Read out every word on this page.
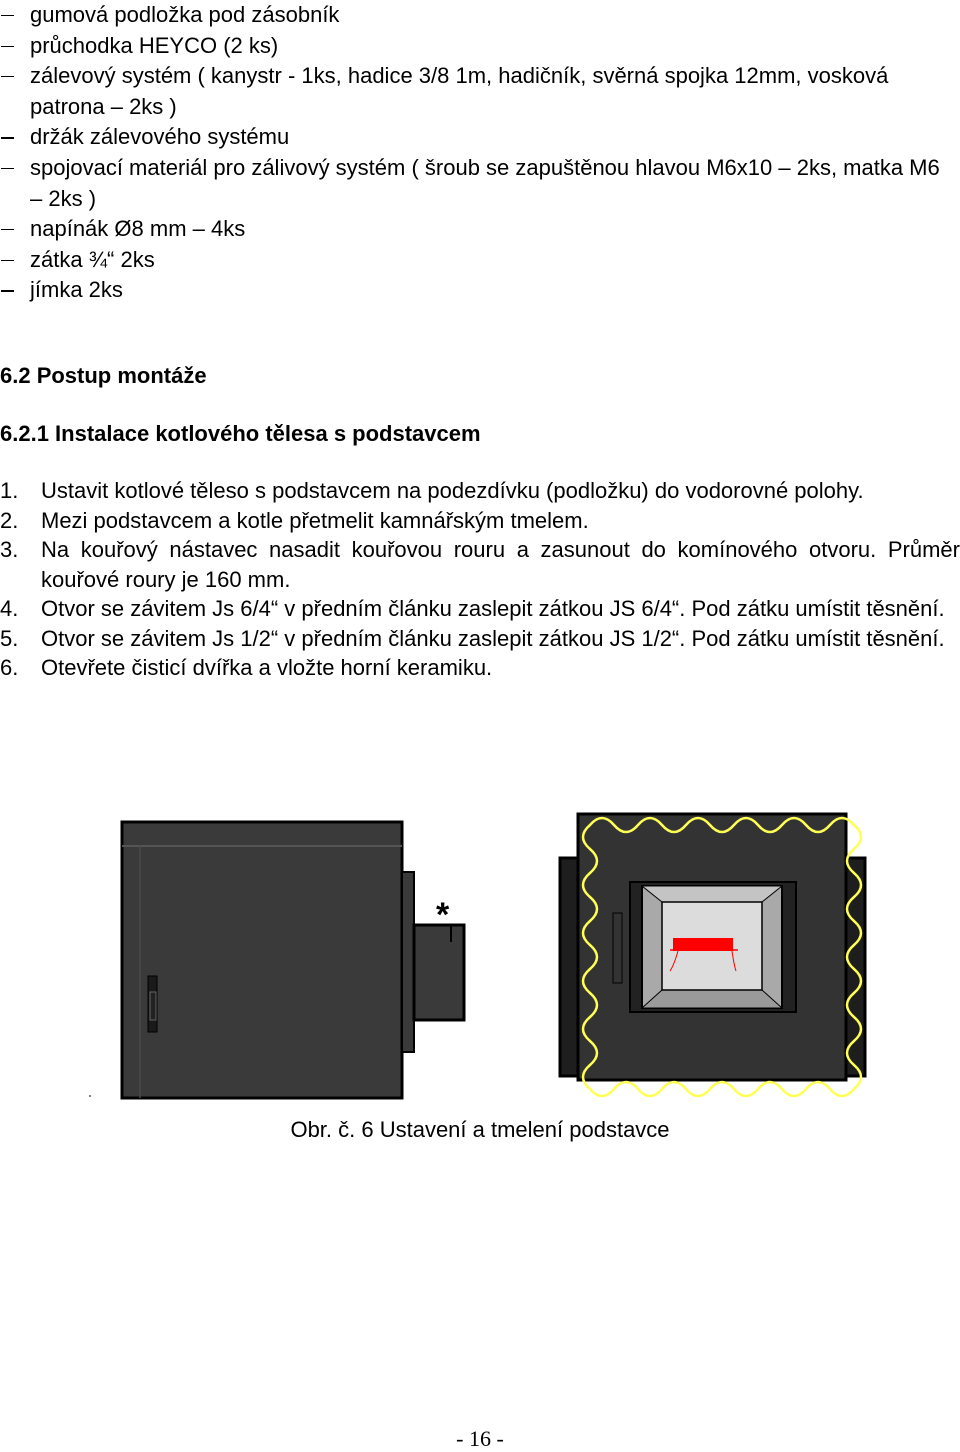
gumová podložka pod zásobník
průchodka HEYCO (2 ks)
zálevový systém ( kanystr - 1ks, hadice 3/8 1m, hadičník, svěrná spojka 12mm, vosková patrona – 2ks )
držák zálevového systému
spojovací materiál pro zálivový systém ( šroub se zapuštěnou hlavou M6x10 – 2ks, matka M6 – 2ks )
napínák Ø8 mm – 4ks
zátka ¾“ 2ks
jímka 2ks
6.2 Postup montáže
6.2.1 Instalace kotlového tělesa s podstavcem
1. Ustavit kotlové těleso s podstavcem na podezdívku (podložku) do vodorovné polohy.
2. Mezi podstavcem a kotle přetmelit kamnářským tmelem.
3. Na kouřový nástavec nasadit kouřovou rouru a zasunout do komínového otvoru. Průměr kouřové roury je 160 mm.
4. Otvor se závitem Js 6/4“ v předním článku zaslepit zátkou JS 6/4“. Pod zátku umístit těsnění.
5. Otvor se závitem Js 1/2“ v předním článku zaslepit zátkou JS 1/2“. Pod zátku umístit těsnění.
6. Otevřete čisticí dvířka a vložte horní keramiku.
*
Obr. č. 6 Ustavení a tmelení podstavce
- 16 -
